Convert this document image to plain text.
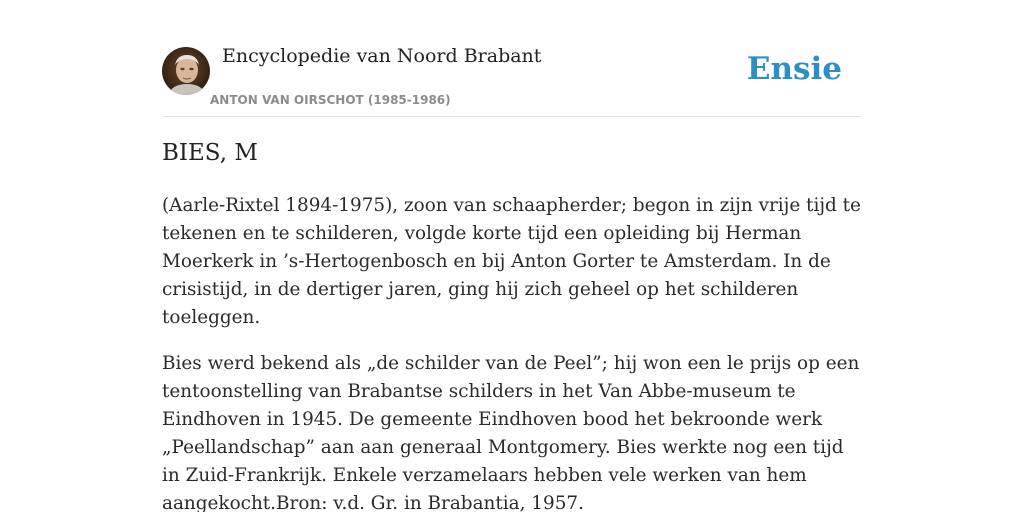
Encyclopedie van Noord Brabant
ANTON VAN OIRSCHOT (1985-1986)
Ensie
BIES, M

(Aarle-Rixtel 1894-1975), zoon van schaapherder; begon in zijn vrije tijd te tekenen en te schilderen, volgde korte tijd een opleiding bij Herman Moerkerk in ’s-Hertogenbosch en bij Anton Gorter te Amsterdam. In de crisistijd, in de dertiger jaren, ging hij zich geheel op het schilderen toeleggen.

Bies werd bekend als „de schilder van de Peel”; hij won een le prijs op een tentoonstelling van Brabantse schilders in het Van Abbe-museum te Eindhoven in 1945. De gemeente Eindhoven bood het bekroonde werk „Peellandschap” aan aan generaal Montgomery. Bies werkte nog een tijd in Zuid-Frankrijk. Enkele verzamelaars hebben vele werken van hem aangekocht.Bron: v.d. Gr. in Brabantia, 1957.
